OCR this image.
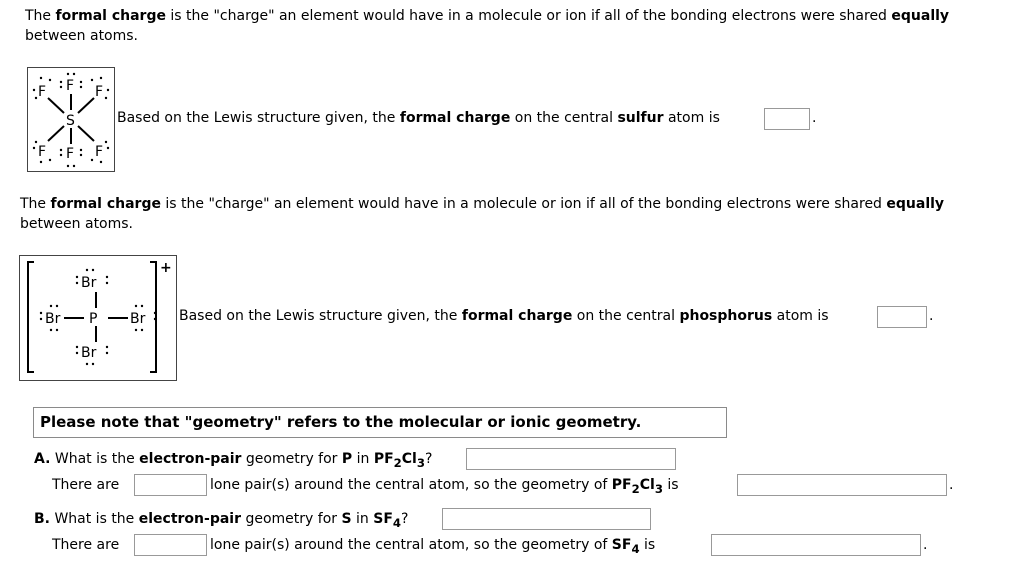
The formal charge is the "charge" an element would have in a molecule or ion if all of the bonding electrons were shared equally
between atoms.
S
F
F	F
F F F
Based on the Lewis structure given, the formal charge on the central sulfur atom is	.
The formal charge is the "charge" an element would have in a molecule or ion if all of the bonding electrons were shared equally
between atoms.
+
P
Br
Br	Br
Br
Based on the Lewis structure given, the formal charge on the central phosphorus atom is	.
Please note that "geometry" refers to the molecular or ionic geometry.
A. What is the electron-pair geometry for P in $PF_2Cl_3$?
There are	lone pair(s) around the central atom, so the geometry of $PF_2Cl_3$ is	.
B. What is the electron-pair geometry for S in $SF_4$?
There are	lone pair(s) around the central atom, so the geometry of $SF_4$ is	.
